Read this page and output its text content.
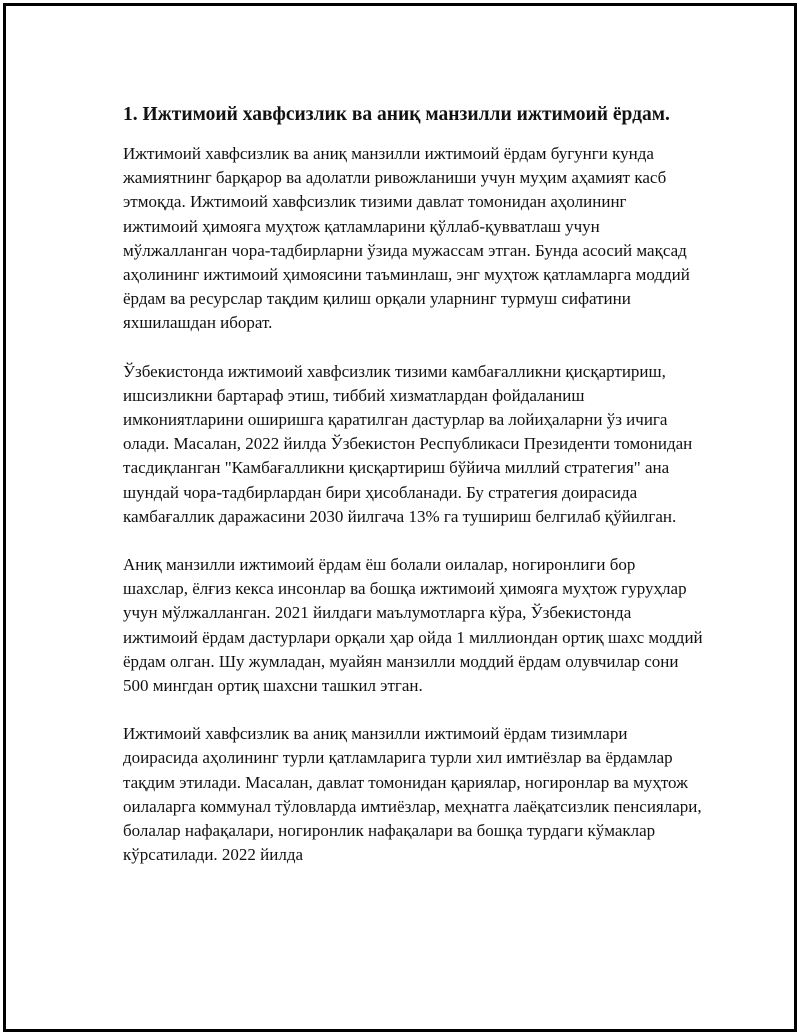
1. Ижтимоий хавфсизлик ва аниқ манзилли ижтимоий ёрдам.

Ижтимоий хавфсизлик ва аниқ манзилли ижтимоий ёрдам бугунги кунда жамиятнинг барқарор ва адолатли ривожланиши учун муҳим аҳамият касб этмоқда. Ижтимоий хавфсизлик тизими давлат томонидан аҳолининг ижтимоий ҳимояга муҳтож қатламларини қўллаб-қувватлаш учун мўлжалланган чора-тадбирларни ўзида мужассам этган. Бунда асосий мақсад аҳолининг ижтимоий ҳимоясини таъминлаш, энг муҳтож қатламларга моддий ёрдам ва ресурслар тақдим қилиш орқали уларнинг турмуш сифатини яхшилашдан иборат.

Ўзбекистонда ижтимоий хавфсизлик тизими камбағалликни қисқартириш, ишсизликни бартараф этиш, тиббий хизматлардан фойдаланиш имкониятларини оширишга қаратилган дастурлар ва лойиҳаларни ўз ичига олади. Масалан, 2022 йилда Ўзбекистон Республикаси Президенти томонидан тасдиқланган "Камбағалликни қисқартириш бўйича миллий стратегия" ана шундай чора-тадбирлардан бири ҳисобланади. Бу стратегия доирасида камбағаллик даражасини 2030 йилгача 13% га тушириш белгилаб қўйилган.

Аниқ манзилли ижтимоий ёрдам ёш болали оилалар, ногиронлиги бор шахслар, ёлғиз кекса инсонлар ва бошқа ижтимоий ҳимояга муҳтож гуруҳлар учун мўлжалланган. 2021 йилдаги маълумотларга кўра, Ўзбекистонда ижтимоий ёрдам дастурлари орқали ҳар ойда 1 миллиондан ортиқ шахс моддий ёрдам олган. Шу жумладан, муайян манзилли моддий ёрдам олувчилар сони 500 мингдан ортиқ шахсни ташкил этган.

Ижтимоий хавфсизлик ва аниқ манзилли ижтимоий ёрдам тизимлари доирасида аҳолининг турли қатламларига турли хил имтиёзлар ва ёрдамлар тақдим этилади. Масалан, давлат томонидан қариялар, ногиронлар ва муҳтож оилаларга коммунал тўловларда имтиёзлар, меҳнатга лаёқатсизлик пенсиялари, болалар нафақалари, ногиронлик нафақалари ва бошқа турдаги кўмаклар кўрсатилади. 2022 йилда
